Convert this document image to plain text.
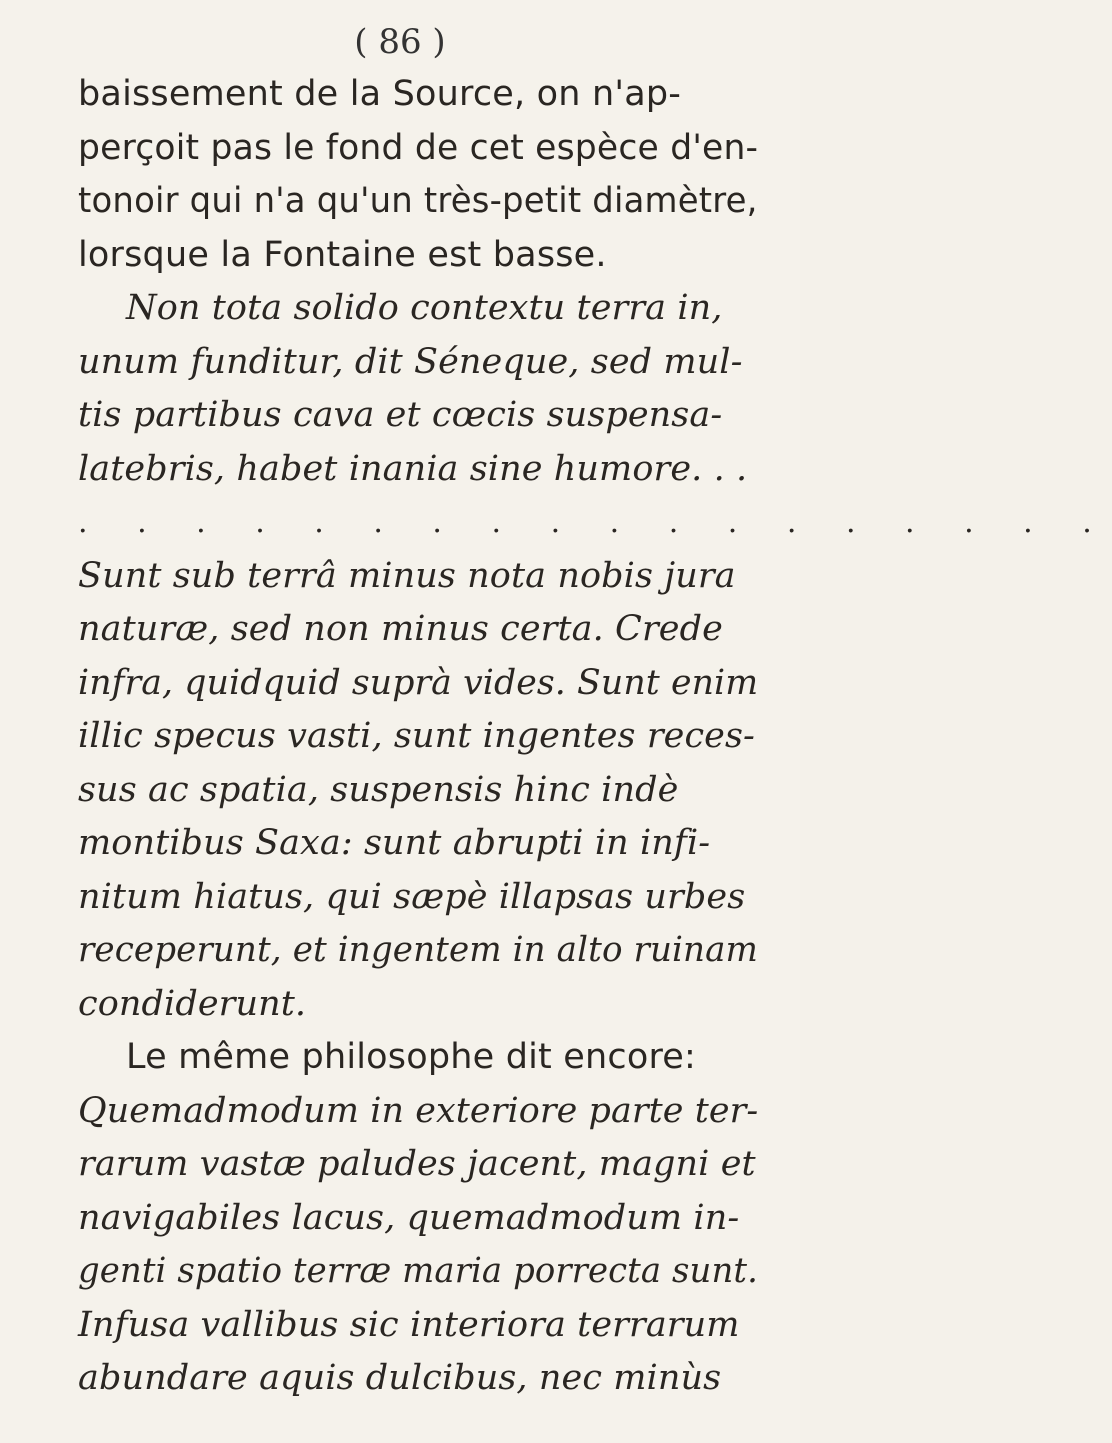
( 86 )
baissement de la Source, on n'ap-
perçoit pas le fond de cet espèce d'en-
tonoir qui n'a qu'un très-petit diamètre,
lorsque la Fontaine est basse.
Non tota solido contextu terra in,
unum funditur, dit Séneque, sed mul-
tis partibus cava et cœcis suspensa-
latebris, habet inania sine humore. . .
. . . . . . . . . . . . . . . . . .
Sunt sub terrâ minus nota nobis jura
naturæ, sed non minus certa. Crede
infra, quidquid suprà vides. Sunt enim
illic specus vasti, sunt ingentes reces-
sus ac spatia, suspensis hinc indè
montibus Saxa: sunt abrupti in infi-
nitum hiatus, qui sæpè illapsas urbes
receperunt, et ingentem in alto ruinam
condiderunt.
Le même philosophe dit encore:
Quemadmodum in exteriore parte ter-
rarum vastæ paludes jacent, magni et
navigabiles lacus, quemadmodum in-
genti spatio terræ maria porrecta sunt.
Infusa vallibus sic interiora terrarum
abundare aquis dulcibus, nec minùs
